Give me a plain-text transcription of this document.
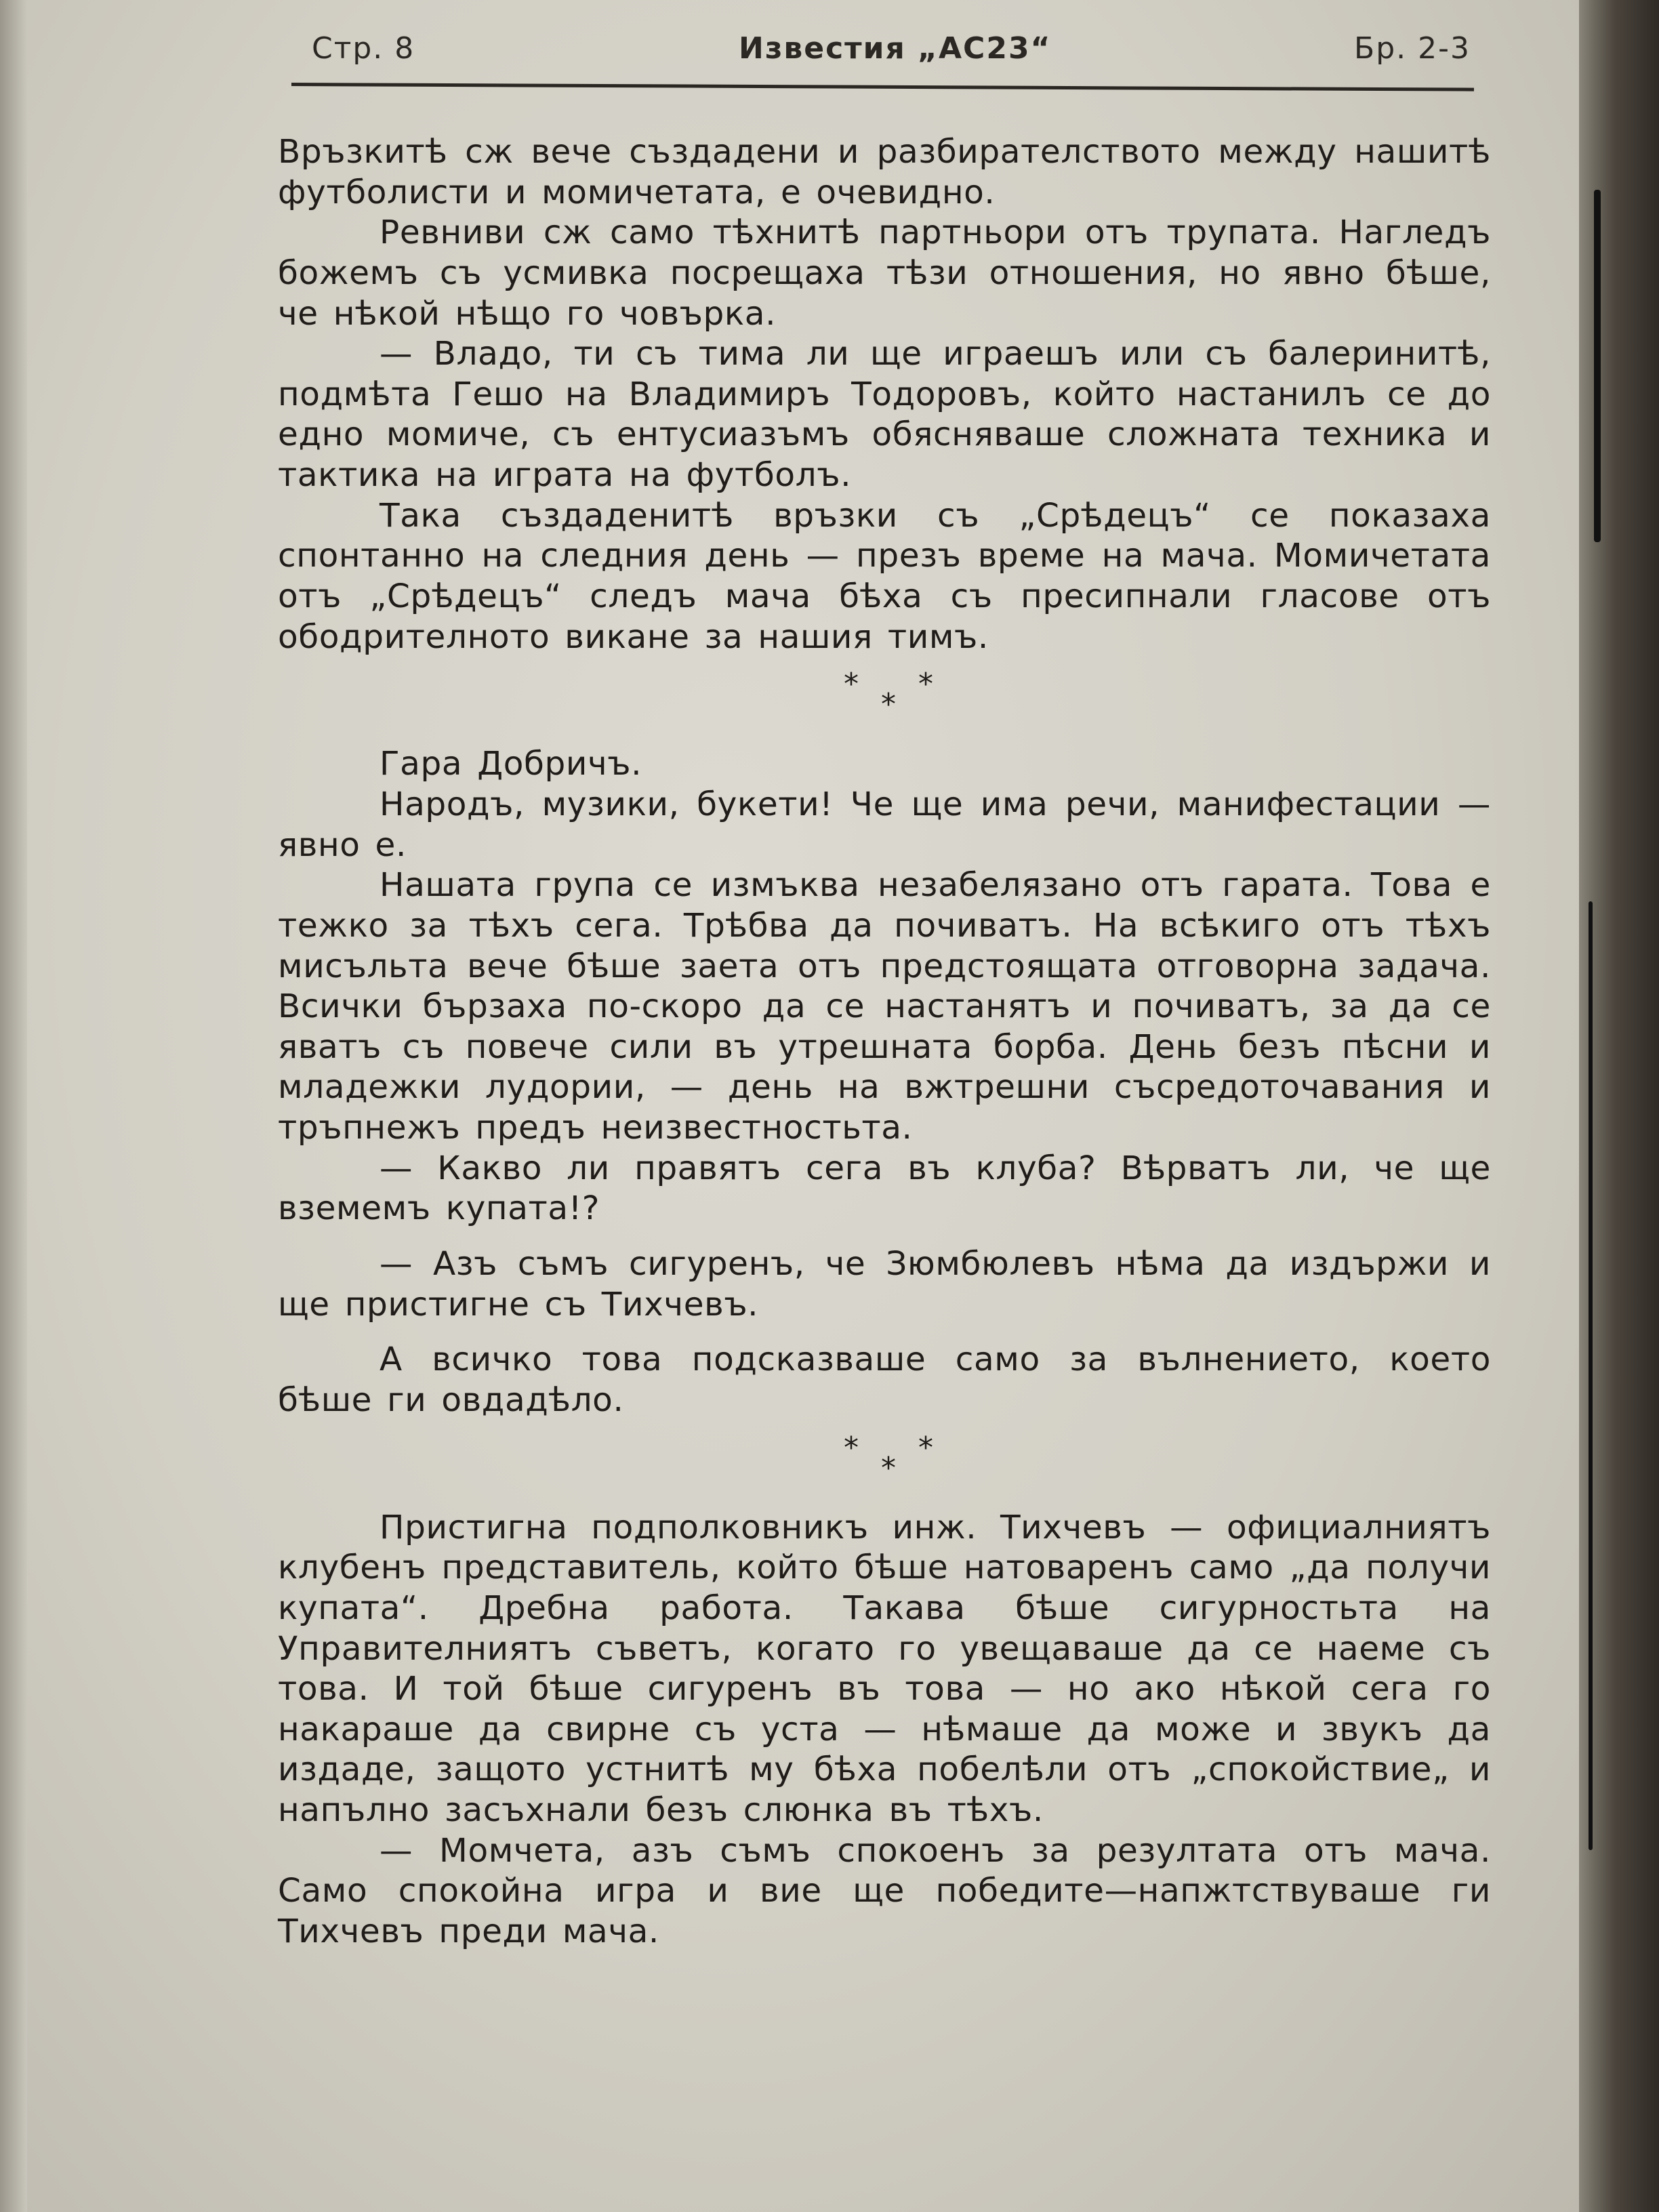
Стр. 8	Известия „АС23“	Бр. 2-3

Връзкитѣ сж вече създадени и разбирателството между нашитѣ футболисти и момичетата, е очевидно.

Ревниви сж само тѣхнитѣ партньори отъ трупата. Нагледъ божемъ съ усмивка посрещаха тѣзи отношения, но явно бѣше, че нѣкой нѣщо го човърка.

— Владо, ти съ тима ли ще играешъ или съ балеринитѣ, подмѣта Гешо на Владимиръ Тодоровъ, който настанилъ се до едно момиче, съ ентусиазъмъ обясняваше сложната техника и тактика на играта на футболъ.

Така създаденитѣ връзки съ „Срѣдецъ“ се показаха спонтанно на следния день — презъ време на мача. Момичетата отъ „Срѣдецъ“ следъ мача бѣха съ пресипнали гласове отъ ободрителното викане за нашия тимъ.

*
*
*

Гара Добричъ.

Народъ, музики, букети! Че ще има речи, манифестации — явно е.

Нашата група се измъква незабелязано отъ гарата. Това е тежко за тѣхъ сега. Трѣбва да почиватъ. На всѣкиго отъ тѣхъ мисъльта вече бѣше заета отъ предстоящата отговорна задача. Всички бързаха по-скоро да се настанятъ и почиватъ, за да се яватъ съ повече сили въ утрешната борба. День безъ пѣсни и младежки лудории, — день на вжтрешни съсредоточавания и тръпнежъ предъ неизвестностьта.

— Какво ли правятъ сега въ клуба? Вѣрватъ ли, че ще вземемъ купата!?

— Азъ съмъ сигуренъ, че Зюмбюлевъ нѣма да издържи и ще пристигне съ Тихчевъ.

А всичко това подсказваше само за вълнението, което бѣше ги овдадѣло.

*
*
*

Пристигна подполковникъ инж. Тихчевъ — официалниятъ клубенъ представитель, който бѣше натоваренъ само „да получи купата“. Дребна работа. Такава бѣше сигурностьта на Управителниятъ съветъ, когато го увещаваше да се наеме съ това. И той бѣше сигуренъ въ това — но ако нѣкой сега го накараше да свирне съ уста — нѣмаше да може и звукъ да издаде, защото устнитѣ му бѣха побелѣли отъ „спокойствие„ и напълно засъхнали безъ слюнка въ тѣхъ.

— Момчета, азъ съмъ спокоенъ за резултата отъ мача. Само спокойна игра и вие ще победите—напжтствуваше ги Тихчевъ преди мача.
